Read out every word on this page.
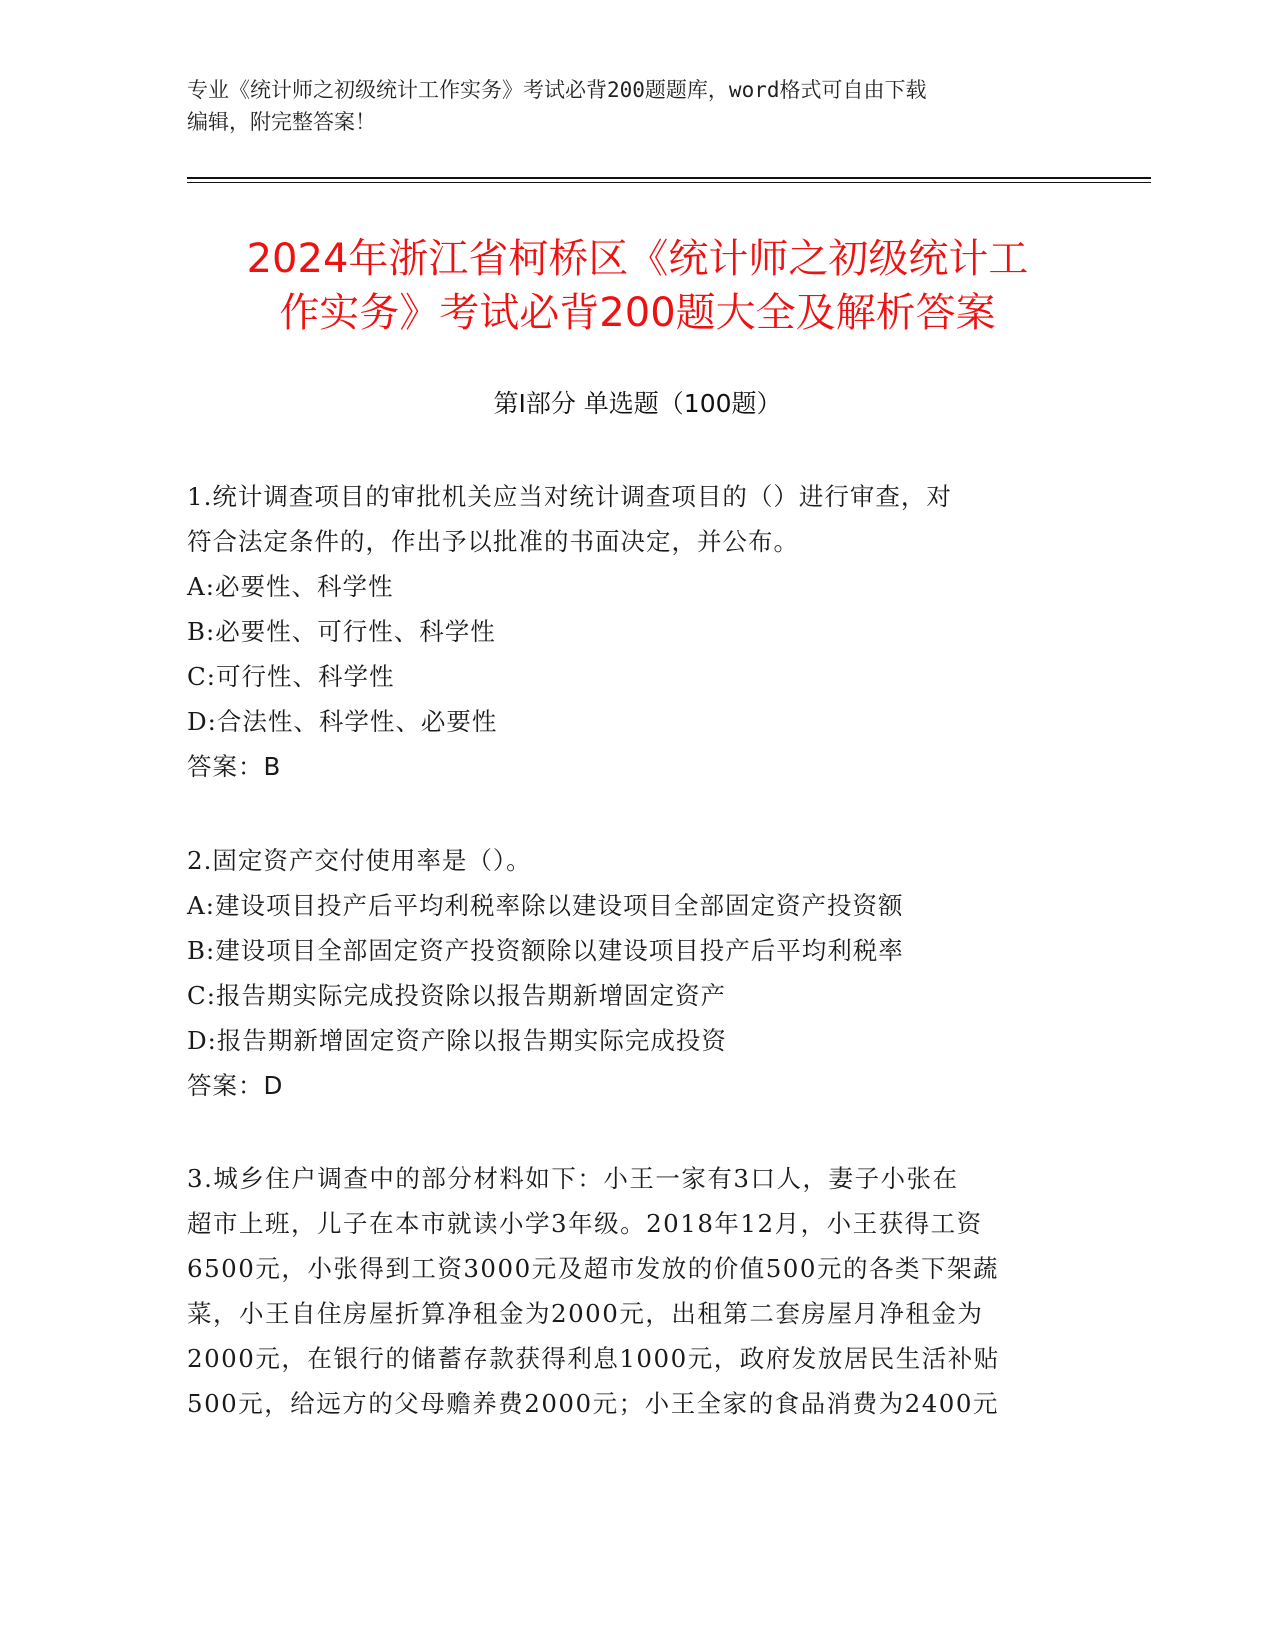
专业《统计师之初级统计工作实务》考试必背200题题库，word格式可自由下载
编辑，附完整答案！
2024年浙江省柯桥区《统计师之初级统计工
作实务》考试必背200题大全及解析答案
第Ⅰ部分 单选题（100题）
1.统计调查项目的审批机关应当对统计调查项目的（）进行审查，对
符合法定条件的，作出予以批准的书面决定，并公布。
A:必要性、科学性
B:必要性、可行性、科学性
C:可行性、科学性
D:合法性、科学性、必要性
答案：B
2.固定资产交付使用率是（）。
A:建设项目投产后平均利税率除以建设项目全部固定资产投资额
B:建设项目全部固定资产投资额除以建设项目投产后平均利税率
C:报告期实际完成投资除以报告期新增固定资产
D:报告期新增固定资产除以报告期实际完成投资
答案：D
3.城乡住户调查中的部分材料如下：小王一家有3口人，妻子小张在
超市上班，儿子在本市就读小学3年级。2018年12月，小王获得工资
6500元，小张得到工资3000元及超市发放的价值500元的各类下架蔬
菜，小王自住房屋折算净租金为2000元，出租第二套房屋月净租金为
2000元，在银行的储蓄存款获得利息1000元，政府发放居民生活补贴
500元，给远方的父母赡养费2000元；小王全家的食品消费为2400元
